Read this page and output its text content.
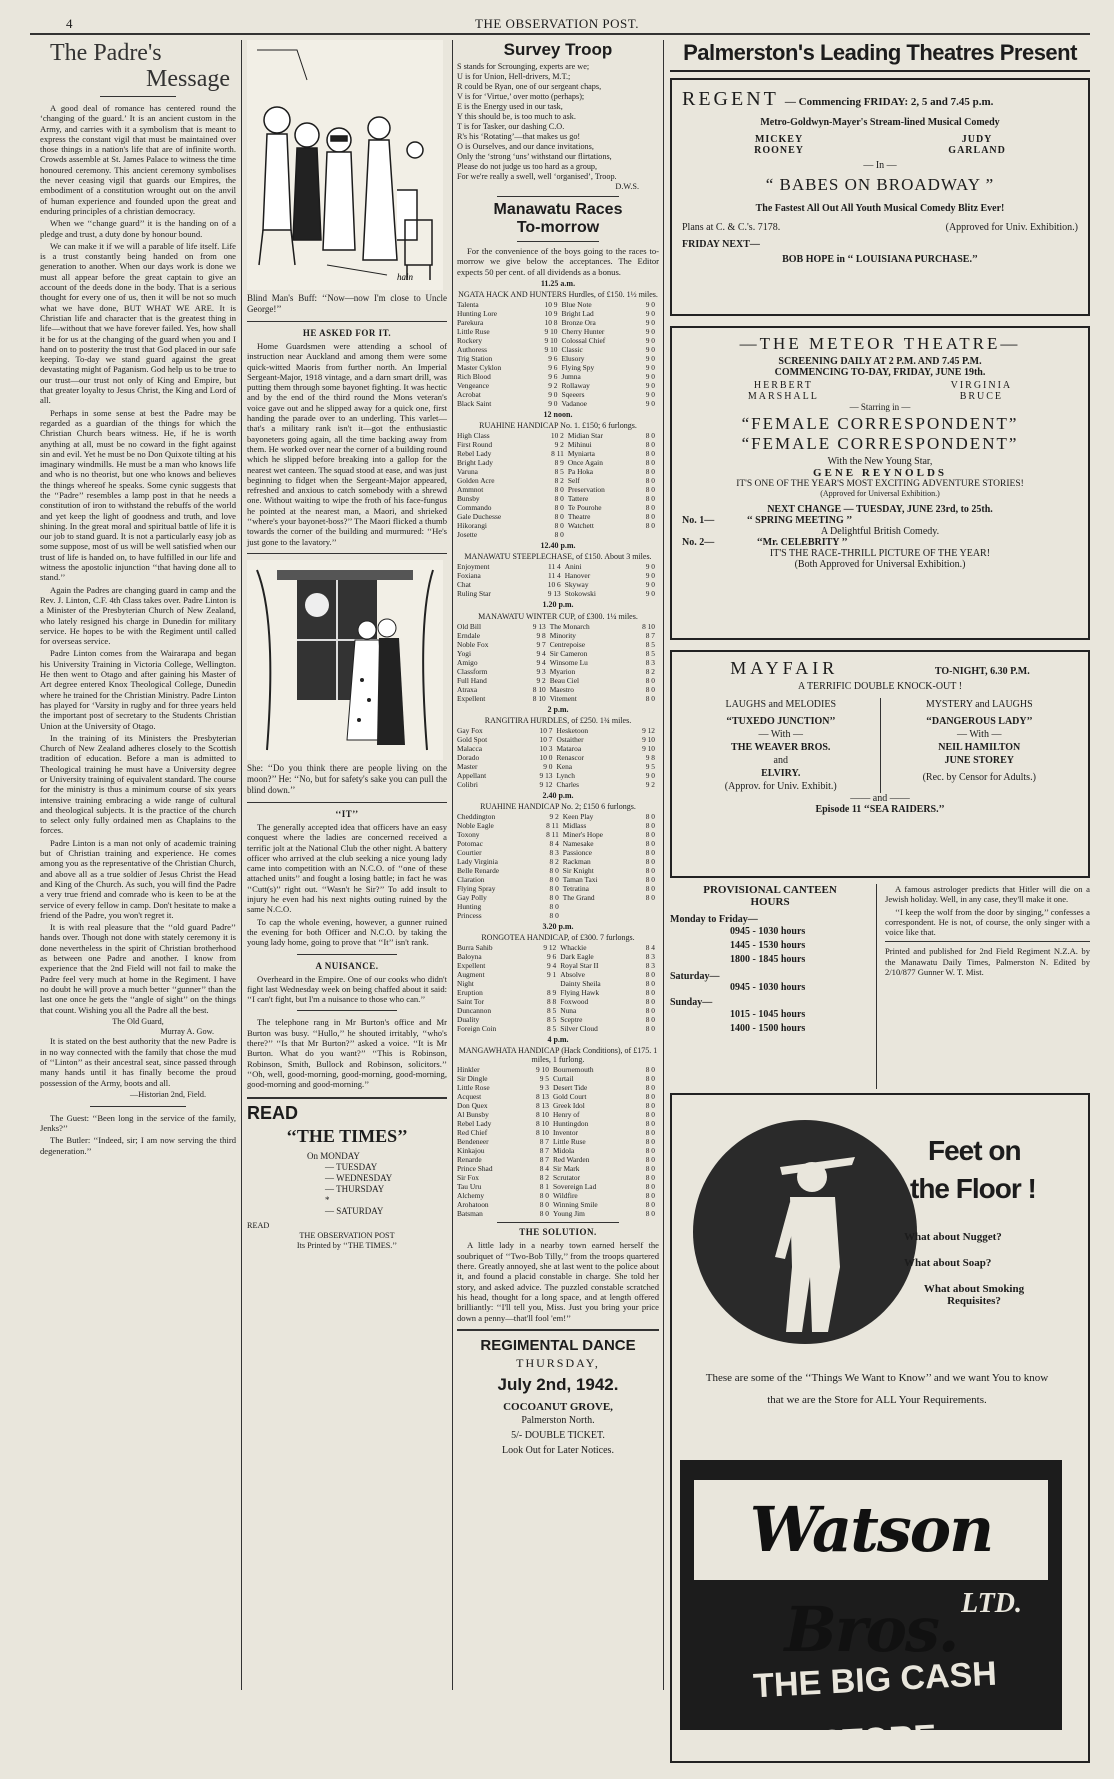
4	THE OBSERVATION POST.
The Padre's
Message

A good deal of romance has centered round the ‘changing of the guard.’ It is an ancient custom in the Army, and carries with it a symbolism that is meant to express the constant vigil that must be maintained over those things in a nation's life that are of infinite worth. Crowds assemble at St. James Palace to witness the time honoured ceremony. This ancient ceremony symbolises the never ceasing vigil that guards our Empires, the embodiment of a constitution wrought out on the anvil of human experience and founded upon the great and enduring principles of a christian democracy.

When we ‘‘change guard’’ it is the handing on of a pledge and trust, a duty done by honour bound.

We can make it if we will a parable of life itself. Life is a trust constantly being handed on from one generation to another. When our days work is done we must all appear before the great captain to give an account of the deeds done in the body. That is a serious thought for every one of us, then it will be not so much what we have done, BUT WHAT WE ARE. It is Christian life and character that is the greatest thing in life—without that we have forever failed. Yes, how shall it be for us at the changing of the guard when you and I hand on to posterity the trust that God placed in our safe keeping. To-day we stand guard against the great devastating might of Paganism. God help us to be true to our trust—our trust not only of King and Empire, but that greater loyalty to Jesus Christ, the King and Lord of all.

Perhaps in some sense at best the Padre may be regarded as a guardian of the things for which the Christian Church bears witness. He, if he is worth anything at all, must be no coward in the fight against sin and evil. Yet he must be no Don Quixote tilting at his imaginary windmills. He must be a man who knows life and who is no theorist, but one who knows and believes the things whereof he speaks. Some cynic suggests that the ‘‘Padre’’ resembles a lamp post in that he needs a constitution of iron to withstand the rebuffs of the world and yet keep the light of goodness and truth, and love shining. In the great moral and spiritual battle of life it is our job to stand guard. It is not a particularly easy job as some suppose, most of us will be well satisfied when our trust of life is handed on, to have fulfilled in our life and witness the apostolic injunction ‘‘that having done all to stand.’’

Again the Padres are changing guard in camp and the Rev. J. Linton, C.F. 4th Class takes over. Padre Linton is a Minister of the Presbyterian Church of New Zealand, who lately resigned his charge in Dunedin for military service. He hopes to be with the Regiment until called for overseas service.

Padre Linton comes from the Wairarapa and began his University Training in Victoria College, Wellington. He then went to Otago and after gaining his Master of Art degree entered Knox Theological College, Dunedin where he trained for the Christian Ministry. Padre Linton has played for ‘Varsity in rugby and for three years held the important post of secretary to the Students Christian Union at the University of Otago.

In the training of its Ministers the Presbyterian Church of New Zealand adheres closely to the Scottish tradition of education. Before a man is admitted to Theological training he must have a University degree or University training of equivalent standard. The course for the ministry is thus a minimum course of six years intensive training embracing a wide range of cultural and theological subjects. It is the practice of the church to select only fully ordained men as Chaplains to the forces.

Padre Linton is a man not only of academic training but of Christian training and experience. He comes among you as the representative of the Christian Church, and above all as a true soldier of Jesus Christ the Head and King of the Church. As such, you will find the Padre a very true friend and comrade who is keen to be at the service of every fellow in camp. Don't hesitate to make a friend of the Padre, you won't regret it.

It is with real pleasure that the ‘‘old guard Padre’’ hands over. Though not done with stately ceremony it is done nevertheless in the spirit of Christian brotherhood as between one Padre and another. I know from experience that the 2nd Field will not fail to make the Padre feel very much at home in the Regiment. I have no doubt he will prove a much better ‘‘gunner’’ than the last one once he gets the ‘‘angle of sight’’ on the things that count. Wishing you all the Padre all the best.

The Old Guard,
Murray A. Gow.

It is stated on the best authority that the new Padre is in no way connected with the family that chose the mud of ‘‘Linton’’ as their ancestral seat, since passed through many hands until it has finally become the proud possession of the Army, boots and all.

—Historian 2nd, Field.

The Guest: ‘‘Been long in the service of the family, Jenks?’’

The Butler: ‘‘Indeed, sir; I am now serving the third degeneration.’’

hain

Blind Man's Buff: ‘‘Now—now I'm close to Uncle George!’’

HE ASKED FOR IT.

Home Guardsmen were attending a school of instruction near Auckland and among them were some quick-witted Maoris from further north. An Imperial Sergeant-Major, 1918 vintage, and a darn smart drill, was putting them through some bayonet fighting. It was hectic and by the end of the third round the Mons veteran's voice gave out and he slipped away for a quick one, first handing the parade over to an underling. This varlet—that's a military rank isn't it—got the enthusiastic bayoneters going again, all the time backing away from them. He worked over near the corner of a building round which he slipped before breaking into a gallop for the nearest wet canteen. The squad stood at ease, and was just beginning to fidget when the Sergeant-Major appeared, refreshed and anxious to catch somebody with a shrewd one. Without waiting to wipe the froth of his face-fungus he pointed at the nearest man, a Maori, and shrieked ‘‘where's your bayonet-boss?’’ The Maori flicked a thumb towards the corner of the building and murmured: ‘‘He's just gone to the lavatory.’’

She: ‘‘Do you think there are people living on the moon?’’ He: ‘‘No, but for safety's sake you can pull the blind down.’’

‘‘IT’’

The generally accepted idea that officers have an easy conquest where the ladies are concerned received a terrific jolt at the National Club the other night. A battery officer who arrived at the club seeking a nice young lady came into competition with an N.C.O. of ‘‘one of these attached units’’ and fought a losing battle; in fact he was ‘‘Cutt(s)’’ right out. ‘‘Wasn't he Sir?’’ To add insult to injury he even had his next nights outing ruined by the same N.C.O.

To cap the whole evening, however, a gunner ruined the evening for both Officer and N.C.O. by taking the young lady home, going to prove that ‘‘It’’ isn't rank.

A NUISANCE.

Overheard in the Empire. One of our cooks who didn't fight last Wednesday week on being chaffed about it said: ‘‘I can't fight, but I'm a nuisance to those who can.’’

The telephone rang in Mr Burton's office and Mr Burton was busy. ‘‘Hullo,’’ he shouted irritably, ‘‘who's there?’’ ‘‘Is that Mr Burton?’’ asked a voice. ‘‘It is Mr Burton. What do you want?’’ ‘‘This is Robinson, Robinson, Smith, Bullock and Robinson, solicitors.’’ ‘‘Oh, well, good-morning, good-morning, good-morning, good-morning and good-morning.’’

READ
‘‘THE TIMES’’
On MONDAY
— TUESDAY
— WEDNESDAY
— THURSDAY
*
— SATURDAY
READ
THE OBSERVATION POST
Its Printed by ‘‘THE TIMES.’’
Survey Troop
S stands for Scrounging, experts are we;
U is for Union, Hell-drivers, M.T.;
R could be Ryan, one of our sergeant chaps,
V is for ‘Virtue,’ over motto (perhaps);
E is the Energy used in our task,
Y this should be, is too much to ask.
T is for Tasker, our dashing C.O.
R's his ‘Rotating’—that makes us go!
O is Ourselves, and our dance invitations,
Only the ‘strong ‘uns’ withstand our flirtations,
Please do not judge us too hard as a group,
For we're really a swell, well ‘organised’, Troop.
D.W.S.
Manawatu Races
To-morrow

For the convenience of the boys going to the races to-morrow we give below the acceptances. The Editor expects 50 per cent. of all dividends as a bonus.

11.25 a.m.
NGATA HACK AND HUNTERS Hurdles, of £150. 1½ miles.
Talenta	10 9	Blue Note	9 0
Hunting Lore	10 9	Bright Lad	9 0
Parekura	10 8	Bronze Ora	9 0
Little Ruse	9 10	Cherry Hunter	9 0
Rockery	9 10	Colossal Chief	9 0
Authoress	9 10	Classic	9 0
Trig Station	9 6	Elusory	9 0
Master Cyklon	9 6	Flying Spy	9 0
Rich Blood	9 6	Jumna	9 0
Vengeance	9 2	Rollaway	9 0
Acrobat	9 0	Sqeeers	9 0
Black Saint	9 0	Vadanoe	9 0
12 noon.
RUAHINE HANDICAP No. 1. £150; 6 furlongs.
High Class	10 2	Midian Star	8 0
First Round	9 2	Mihinui	8 0
Rebel Lady	8 11	Myniarta	8 0
Bright Lady	8 9	Once Again	8 0
Varuna	8 5	Pa Hoka	8 0
Golden Acre	8 2	Self	8 0
Ammnot	8 0	Preservation	8 0
Bunsby	8 0	Tattere	8 0
Commando	8 0	Te Pourohe	8 0
Gale Duchesse	8 0	Theatre	8 0
Hikorangi	8 0	Watchett	8 0
Josette	8 0		
12.40 p.m.
MANAWATU STEEPLECHASE, of £150. About 3 miles.
Enjoyment	11 4	Anini	9 0
Foxiana	11 4	Hanover	9 0
Chat	10 6	Skyway	9 0
Ruling Star	9 13	Stokowski	9 0
1.20 p.m.
MANAWATU WINTER CUP, of £300. 1¼ miles.
Old Bill	9 13	The Monarch	8 10
Erndale	9 8	Minority	8 7
Noble Fox	9 7	Centrepoise	8 5
Yogi	9 4	Sir Cameron	8 5
Amigo	9 4	Winsome Lu	8 3
Classform	9 3	Myarion	8 2
Full Hand	9 2	Beau Ciel	8 0
Atraxa	8 10	Maestro	8 0
Expellent	8 10	Vitement	8 0
2 p.m.
RANGITIRA HURDLES, of £250. 1¾ miles.
Gay Fox	10 7	Hesketoon	9 12
Gold Spot	10 7	Ostaither	9 10
Malacca	10 3	Mataroa	9 10
Dorado	10 0	Renascor	9 8
Master	9 0	Kena	9 5
Appellant	9 13	Lynch	9 0
Colibri	9 12	Charles	9 2
2.40 p.m.
RUAHINE HANDICAP No. 2; £150 6 furlongs.
Cheddington	9 2	Keen Play	8 0
Noble Eagle	8 11	Midlass	8 0
Toxony	8 11	Miner's Hope	8 0
Potomac	8 4	Namesake	8 0
Courtier	8 3	Passionce	8 0
Lady Virginia	8 2	Rackman	8 0
Belle Renarde	8 0	Sir Knight	8 0
Claration	8 0	Taman Taxi	8 0
Flying Spray	8 0	Tetratina	8 0
Gay Polly	8 0	The Grand	8 0
Hunting	8 0		
Princess	8 0		
3.20 p.m.
RONGOTEA HANDICAP, of £300. 7 furlongs.
Burra Sahib	9 12	Whackie	8 4
Baloyna	9 6	Dark Eagle	8 3
Expellent	9 4	Royal Star II	8 3
Augment	9 1	Absolve	8 0
Night		Dainty Sheila	8 0
Eruption	8 9	Flying Hawk	8 0
Saint Tor	8 8	Foxwood	8 0
Duncannon	8 5	Nuna	8 0
Duality	8 5	Sceptre	8 0
Foreign Coin	8 5	Silver Cloud	8 0
4 p.m.
MANGAWHATA HANDICAP (Hack Conditions), of £175. 1 miles, 1 furlong.
Hinkler	9 10	Bournemouth	8 0
Sir Dingle	9 5	Curtail	8 0
Little Rose	9 3	Desert Tide	8 0
Acquest	8 13	Gold Court	8 0
Don Quex	8 13	Greek Idol	8 0
Al Bunsby	8 10	Henry of	8 0
Rebel Lady	8 10	Huntingdon	8 0
Red Chief	8 10	Inventor	8 0
Bendeneer	8 7	Little Ruse	8 0
Kinkajou	8 7	Midola	8 0
Renarde	8 7	Red Warden	8 0
Prince Shad	8 4	Sir Mark	8 0
Sir Fox	8 2	Scrutator	8 0
Tau Uru	8 1	Sovereign Lad	8 0
Alchemy	8 0	Wildfire	8 0
Arohatoon	8 0	Winning Smile	8 0
Batsman	8 0	Young Jim	8 0
THE SOLUTION.

A little lady in a nearby town earned herself the soubriquet of ‘‘Two-Bob Tilly,’’ from the troops quartered there. Greatly annoyed, she at last went to the police about it, and found a placid constable in charge. She told her story, and asked advice. The puzzled constable scratched his head, thought for a long space, and at length offered brilliantly: ‘‘I'll tell you, Miss. Just you bring your price down a penny—that'll fool 'em!’’

REGIMENTAL DANCE
THURSDAY,
July 2nd, 1942.
COCOANUT GROVE,
Palmerston North.
5/- DOUBLE TICKET.
Look Out for Later Notices.
Palmerston's Leading Theatres Present
REGENT — Commencing FRIDAY: 2, 5 and 7.45 p.m.
Metro-Goldwyn-Mayer's Stream-lined Musical Comedy
MICKEY
ROONEY
JUDY
GARLAND
— In —
“ BABES ON BROADWAY ”
The Fastest All Out All Youth Musical Comedy Blitz Ever!
Plans at C. & C.'s. 7178.	(Approved for Univ. Exhibition.)
FRIDAY NEXT—
BOB HOPE in ‘‘ LOUISIANA PURCHASE.’’
—THE METEOR THEATRE—
SCREENING DAILY AT 2 P.M. AND 7.45 P.M.
COMMENCING TO-DAY, FRIDAY, JUNE 19th.
HERBERT
MARSHALL
VIRGINIA
BRUCE
— Starring in —
“FEMALE CORRESPONDENT”
“FEMALE CORRESPONDENT”
With the New Young Star,
GENE REYNOLDS
IT'S ONE OF THE YEAR'S MOST EXCITING ADVENTURE STORIES!
(Approved for Universal Exhibition.)
NEXT CHANGE — TUESDAY, JUNE 23rd, to 25th.
No. 1—	‘‘ SPRING MEETING ’’
A Delightful British Comedy.
No. 2—	‘‘Mr. CELEBRITY ’’
IT'S THE RACE-THRILL PICTURE OF THE YEAR!
(Both Approved for Universal Exhibition.)
MAYFAIR	TO-NIGHT, 6.30 P.M.
A TERRIFIC DOUBLE KNOCK-OUT !
LAUGHS and MELODIES
‘‘TUXEDO JUNCTION’’
— With —
THE WEAVER BROS.
and
ELVIRY.
(Approv. for Univ. Exhibit.)
MYSTERY and LAUGHS
‘‘DANGEROUS LADY’’
— With —
NEIL HAMILTON
JUNE STOREY
(Rec. by Censor for Adults.)
—— and ——
Episode 11 ‘‘SEA RAIDERS.’’
PROVISIONAL CANTEEN HOURS
Monday to Friday—
0945 - 1030 hours
1445 - 1530 hours
1800 - 1845 hours
Saturday—
0945 - 1030 hours
Sunday—
1015 - 1045 hours
1400 - 1500 hours

A famous astrologer predicts that Hitler will die on a Jewish holiday. Well, in any case, they'll make it one.

‘‘I keep the wolf from the door by singing,’’ confesses a correspondent. He is not, of course, the only singer with a voice like that.

Printed and published for 2nd Field Regiment N.Z.A. by the Manawatu Daily Times, Palmerston N. Edited by 2/10/877 Gunner W. T. Mist.

Feet on
the Floor !
What about Nugget?
What about Soap?
What about Smoking Requisites?
These are some of the ‘‘Things We Want to Know’’ and we want You to know that we are the Store for ALL Your Requirements.
Watson Bros. LTD.
THE BIG CASH STORE
